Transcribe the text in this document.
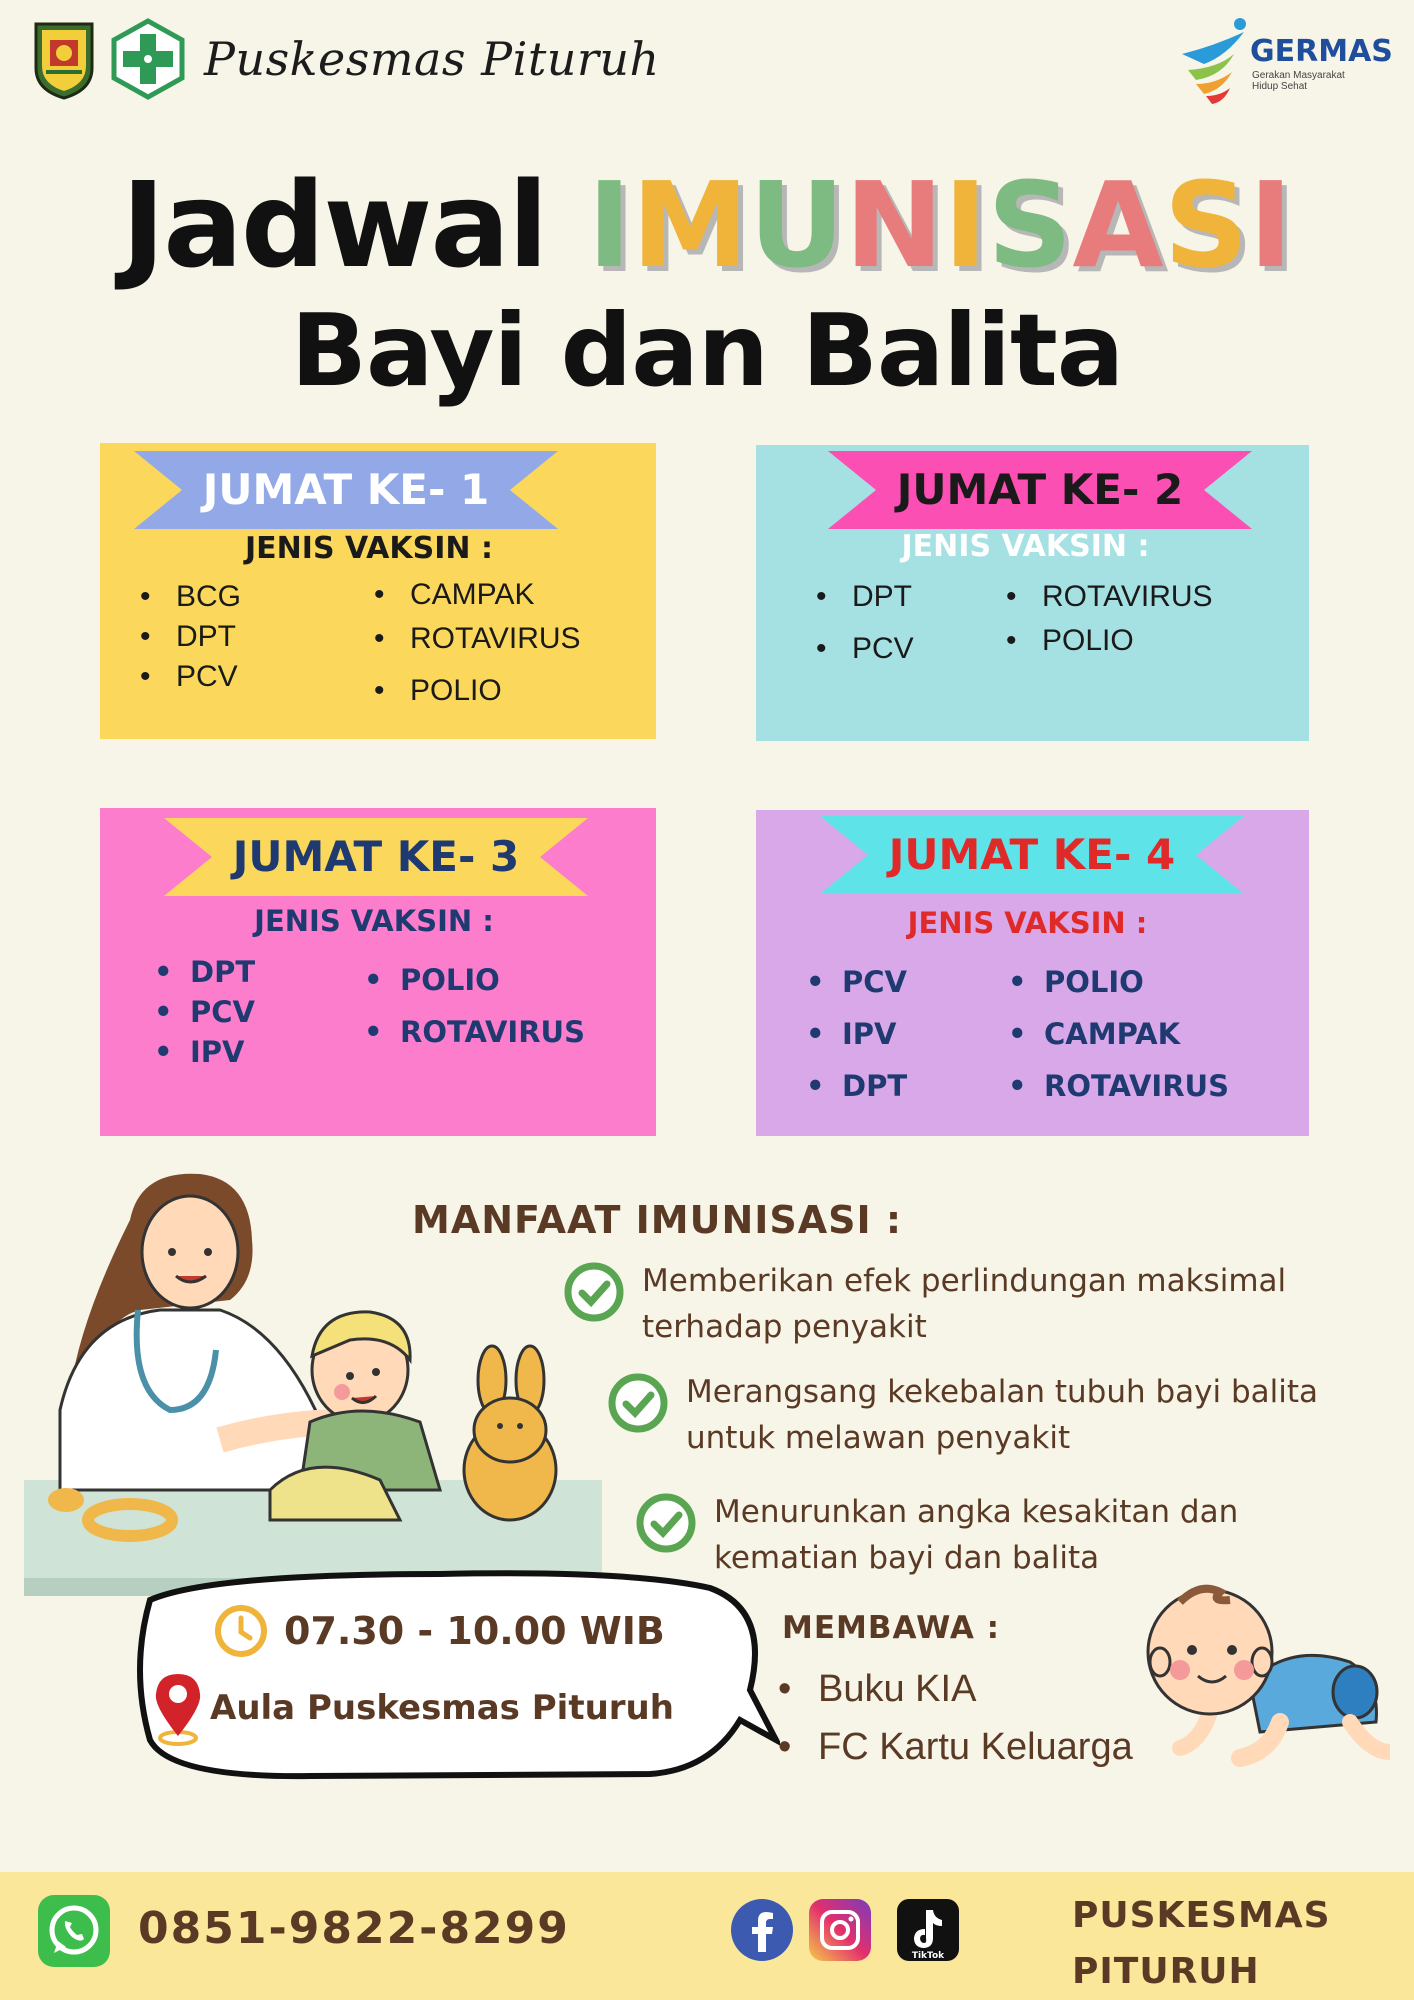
Puskesmas Pituruh	GERMAS
Gerakan Masyarakat
Hidup Sehat
Jadwal IMUNISASI
Bayi dan Balita
JUMAT KE- 1
JENIS VAKSIN :
• BCG
• DPT
• PCV
• CAMPAK
• ROTAVIRUS
• POLIO
JUMAT KE- 2
JENIS VAKSIN :
• DPT
• PCV
• ROTAVIRUS
• POLIO
JUMAT KE- 3
JENIS VAKSIN :
• DPT
• PCV
• IPV
• POLIO
• ROTAVIRUS
JUMAT KE- 4
JENIS VAKSIN :
• PCV
• IPV
• DPT
• POLIO
• CAMPAK
• ROTAVIRUS
MANFAAT IMUNISASI :
Memberikan efek perlindungan maksimal
terhadap penyakit
Merangsang kekebalan tubuh bayi balita
untuk melawan penyakit
Menurunkan angka kesakitan dan
kematian bayi dan balita
07.30 - 10.00 WIB
Aula Puskesmas Pituruh
MEMBAWA :
• Buku KIA
• FC Kartu Keluarga
0851-9822-8299
TikTok
PUSKESMAS
PITURUH
